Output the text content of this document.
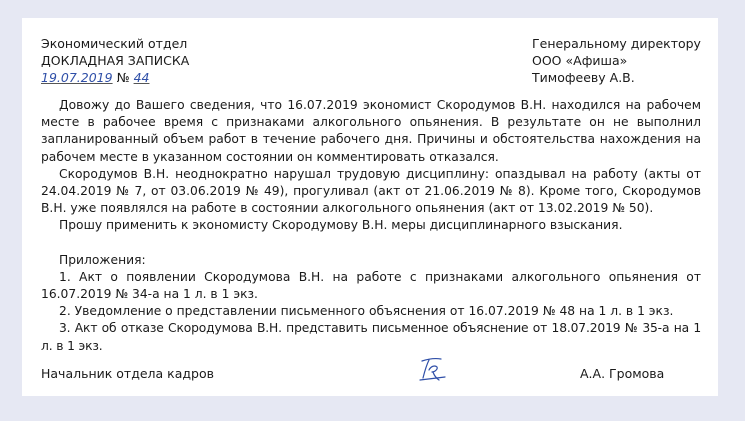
Экономический отдел
ДОКЛАДНАЯ ЗАПИСКА
19.07.2019 № 44
Генеральному директору
ООО «Афиша»
Тимофееву А.В.

Довожу до Вашего сведения, что 16.07.2019 экономист Скородумов В.Н. находился на рабочем месте в рабочее время с признаками алкогольного опьянения. В результате он не выполнил запланированный объем работ в течение рабочего дня. Причины и обстоятельства нахождения на рабочем месте в указанном состоянии он комментировать отказался.

Скородумов В.Н. неоднократно нарушал трудовую дисциплину: опаздывал на работу (акты от 24.04.2019 № 7, от 03.06.2019 № 49), прогуливал (акт от 21.06.2019 № 8). Кроме того, Скородумов В.Н. уже появлялся на работе в состоянии алкогольного опьянения (акт от 13.02.2019 № 50).

Прошу применить к экономисту Скородумову В.Н. меры дисциплинарного взыскания.

Приложения:

1. Акт о появлении Скородумова В.Н. на работе с признаками алкогольного опьянения от 16.07.2019 № 34-а на 1 л. в 1 экз.

2. Уведомление о представлении письменного объяснения от 16.07.2019 № 48 на 1 л. в 1 экз.

3. Акт об отказе Скородумова В.Н. представить письменное объяснение от 18.07.2019 № 35-а на 1 л. в 1 экз.

Начальник отдела кадров	А.А. Громова
